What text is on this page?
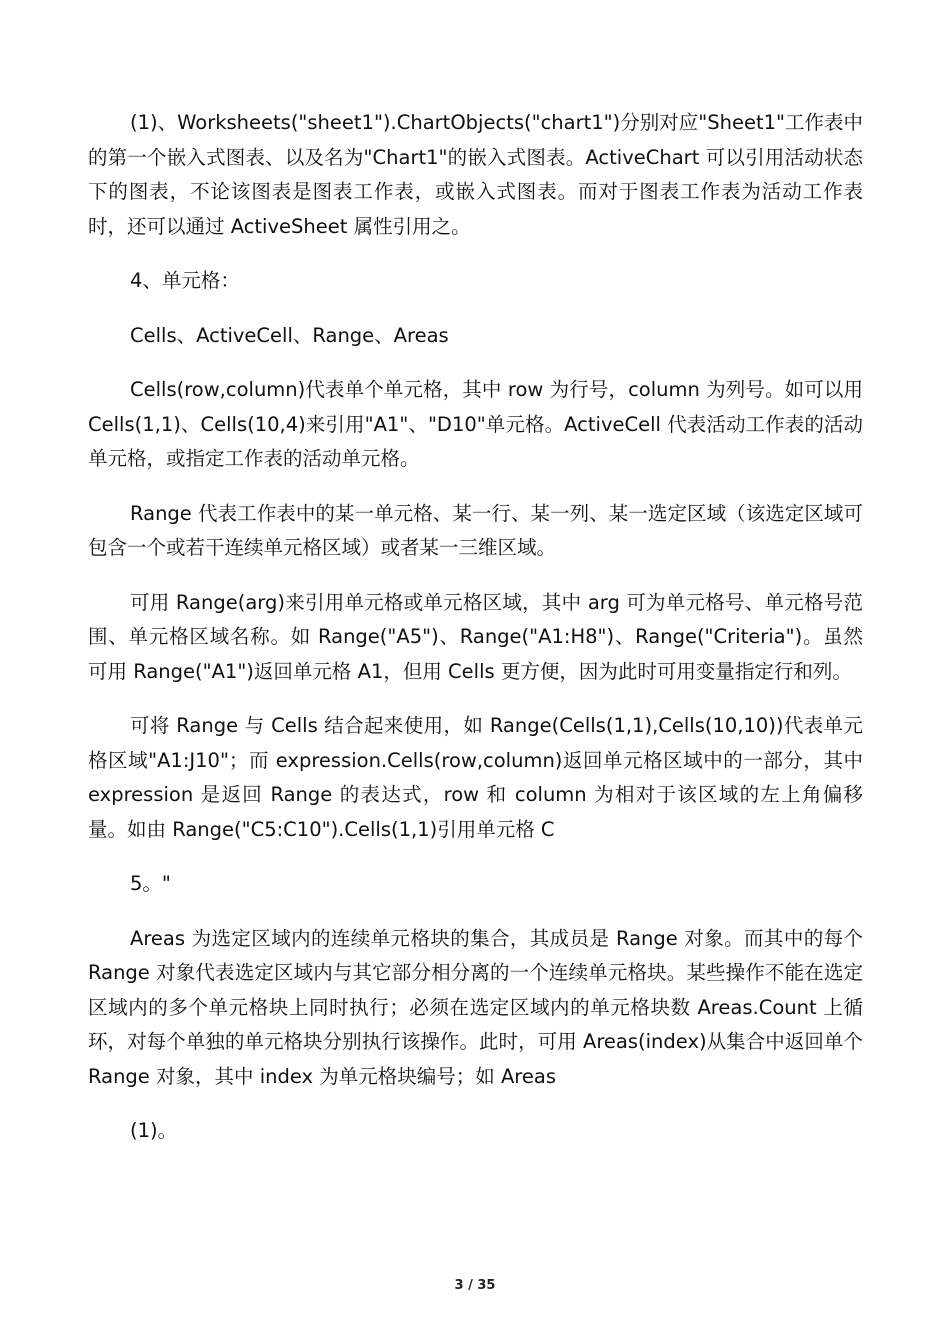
(1)、Worksheets("sheet1").ChartObjects("chart1")分别对应"Sheet1"工作表中的第一个嵌入式图表、以及名为"Chart1"的嵌入式图表。ActiveChart 可以引用活动状态下的图表，不论该图表是图表工作表，或嵌入式图表。而对于图表工作表为活动工作表时，还可以通过 ActiveSheet 属性引用之。

4、单元格：

Cells、ActiveCell、Range、Areas

Cells(row,column)代表单个单元格，其中 row 为行号，column 为列号。如可以用 Cells(1,1)、Cells(10,4)来引用"A1"、"D10"单元格。ActiveCell 代表活动工作表的活动单元格，或指定工作表的活动单元格。

Range 代表工作表中的某一单元格、某一行、某一列、某一选定区域（该选定区域可包含一个或若干连续单元格区域）或者某一三维区域。

可用 Range(arg)来引用单元格或单元格区域，其中 arg 可为单元格号、单元格号范围、单元格区域名称。如 Range("A5")、Range("A1:H8")、Range("Criteria")。虽然可用 Range("A1")返回单元格 A1，但用 Cells 更方便，因为此时可用变量指定行和列。

可将 Range 与 Cells 结合起来使用，如 Range(Cells(1,1),Cells(10,10))代表单元格区域"A1:J10"；而 expression.Cells(row,column)返回单元格区域中的一部分，其中 expression 是返回 Range 的表达式，row 和 column 为相对于该区域的左上角偏移量。如由 Range("C5:C10").Cells(1,1)引用单元格 C

5。"

Areas 为选定区域内的连续单元格块的集合，其成员是 Range 对象。而其中的每个 Range 对象代表选定区域内与其它部分相分离的一个连续单元格块。某些操作不能在选定区域内的多个单元格块上同时执行；必须在选定区域内的单元格块数 Areas.Count 上循环，对每个单独的单元格块分别执行该操作。此时，可用 Areas(index)从集合中返回单个 Range 对象，其中 index 为单元格块编号；如 Areas

(1)。

3 / 35
